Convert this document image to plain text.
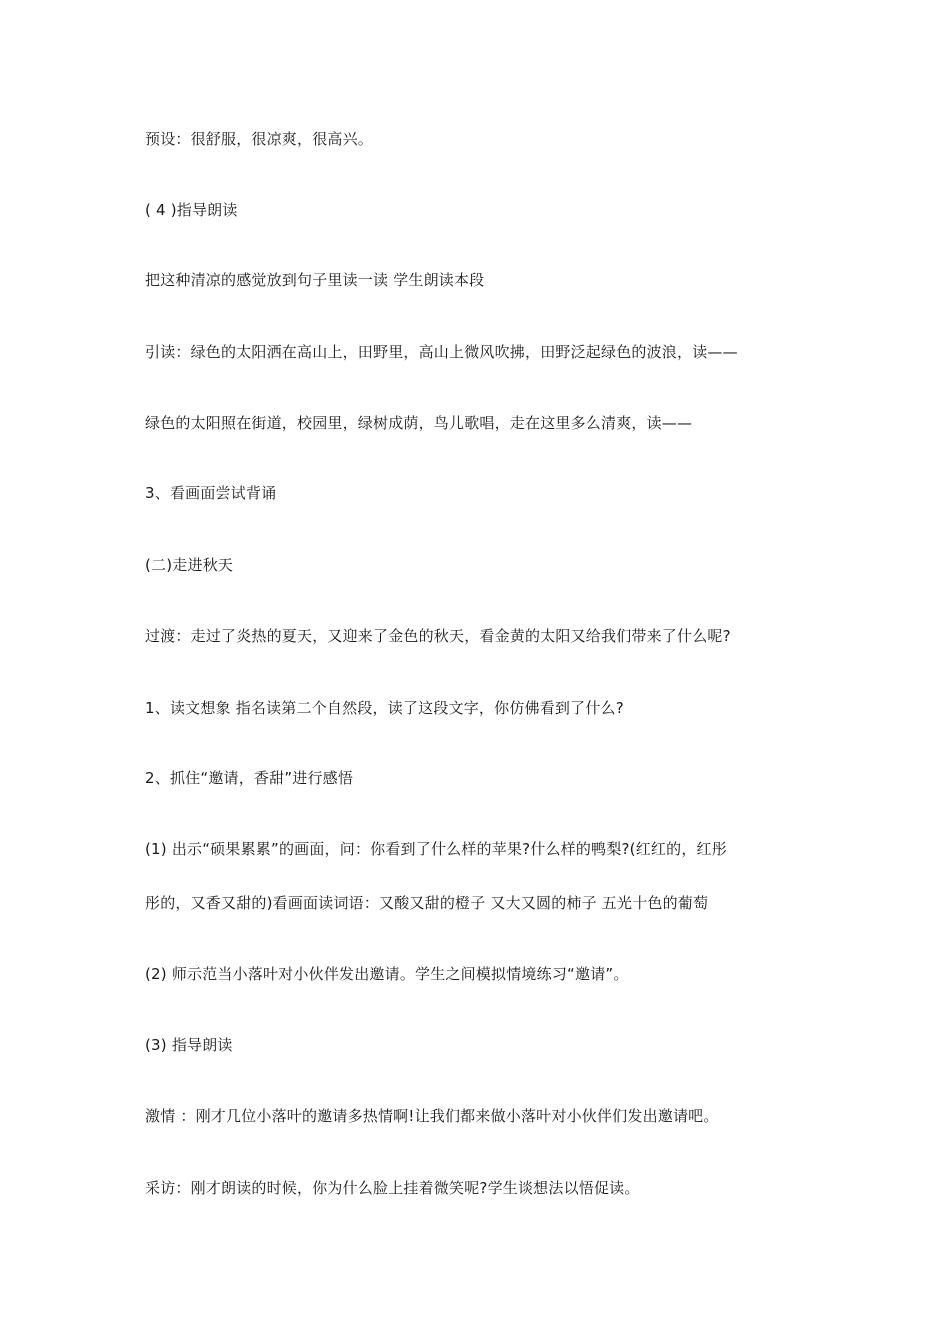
预设：很舒服，很凉爽，很高兴。
( 4 )指导朗读
把这种清凉的感觉放到句子里读一读 学生朗读本段
引读：绿色的太阳洒在高山上，田野里，高山上微风吹拂，田野泛起绿色的波浪，读——
绿色的太阳照在街道，校园里，绿树成荫，鸟儿歌唱，走在这里多么清爽，读——
3、看画面尝试背诵
(二)走进秋天
过渡：走过了炎热的夏天，又迎来了金色的秋天，看金黄的太阳又给我们带来了什么呢?
1、读文想象 指名读第二个自然段，读了这段文字，你仿佛看到了什么?
2、抓住“邀请，香甜”进行感悟
(1) 出示“硕果累累”的画面，问：你看到了什么样的苹果?什么样的鸭梨?(红红的，红彤
彤的，又香又甜的)看画面读词语：又酸又甜的橙子 又大又圆的柿子 五光十色的葡萄
(2) 师示范当小落叶对小伙伴发出邀请。学生之间模拟情境练习“邀请”。
(3) 指导朗读
激情 ：刚才几位小落叶的邀请多热情啊!让我们都来做小落叶对小伙伴们发出邀请吧。
采访：刚才朗读的时候，你为什么脸上挂着微笑呢?学生谈想法以悟促读。
